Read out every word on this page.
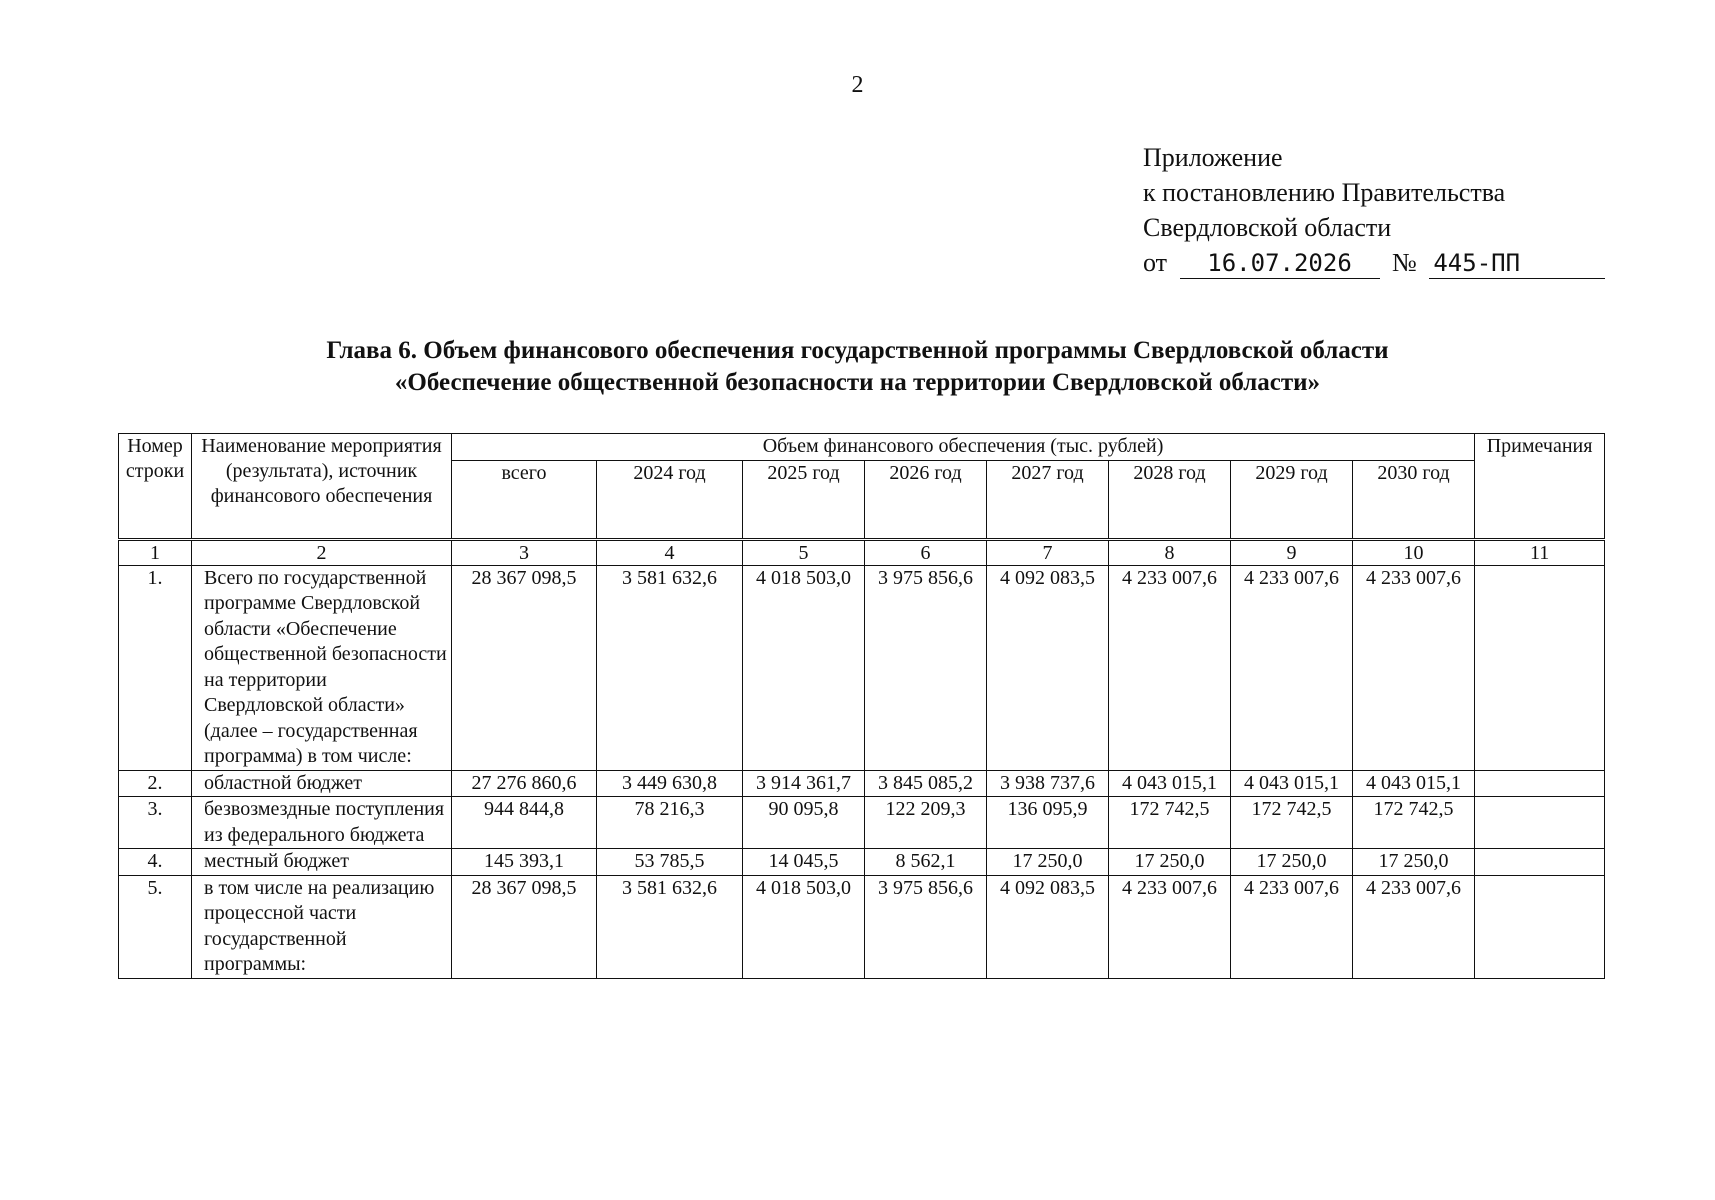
2
Приложение
к постановлению Правительства
Свердловской области
от 16.07.2026 № 445-ПП
Глава 6. Объем финансового обеспечения государственной программы Свердловской области
«Обеспечение общественной безопасности на территории Свердловской области»
Номер строки	Наименование мероприятия (результата), источник финансового обеспечения	Объем финансового обеспечения (тыс. рублей)								Примечания
		всего	2024 год	2025 год	2026 год	2027 год	2028 год	2029 год	2030 год	
1	2	3	4	5	6	7	8	9	10	11
1.	Всего по государственной программе Свердловской области «Обеспечение общественной безопасности на территории Свердловской области» (далее – государственная программа) в том числе:	28 367 098,5	3 581 632,6	4 018 503,0	3 975 856,6	4 092 083,5	4 233 007,6	4 233 007,6	4 233 007,6	
2.	областной бюджет	27 276 860,6	3 449 630,8	3 914 361,7	3 845 085,2	3 938 737,6	4 043 015,1	4 043 015,1	4 043 015,1	
3.	безвозмездные поступления из федерального бюджета	944 844,8	78 216,3	90 095,8	122 209,3	136 095,9	172 742,5	172 742,5	172 742,5	
4.	местный бюджет	145 393,1	53 785,5	14 045,5	8 562,1	17 250,0	17 250,0	17 250,0	17 250,0	
5.	в том числе на реализацию процессной части государственной программы:	28 367 098,5	3 581 632,6	4 018 503,0	3 975 856,6	4 092 083,5	4 233 007,6	4 233 007,6	4 233 007,6	
